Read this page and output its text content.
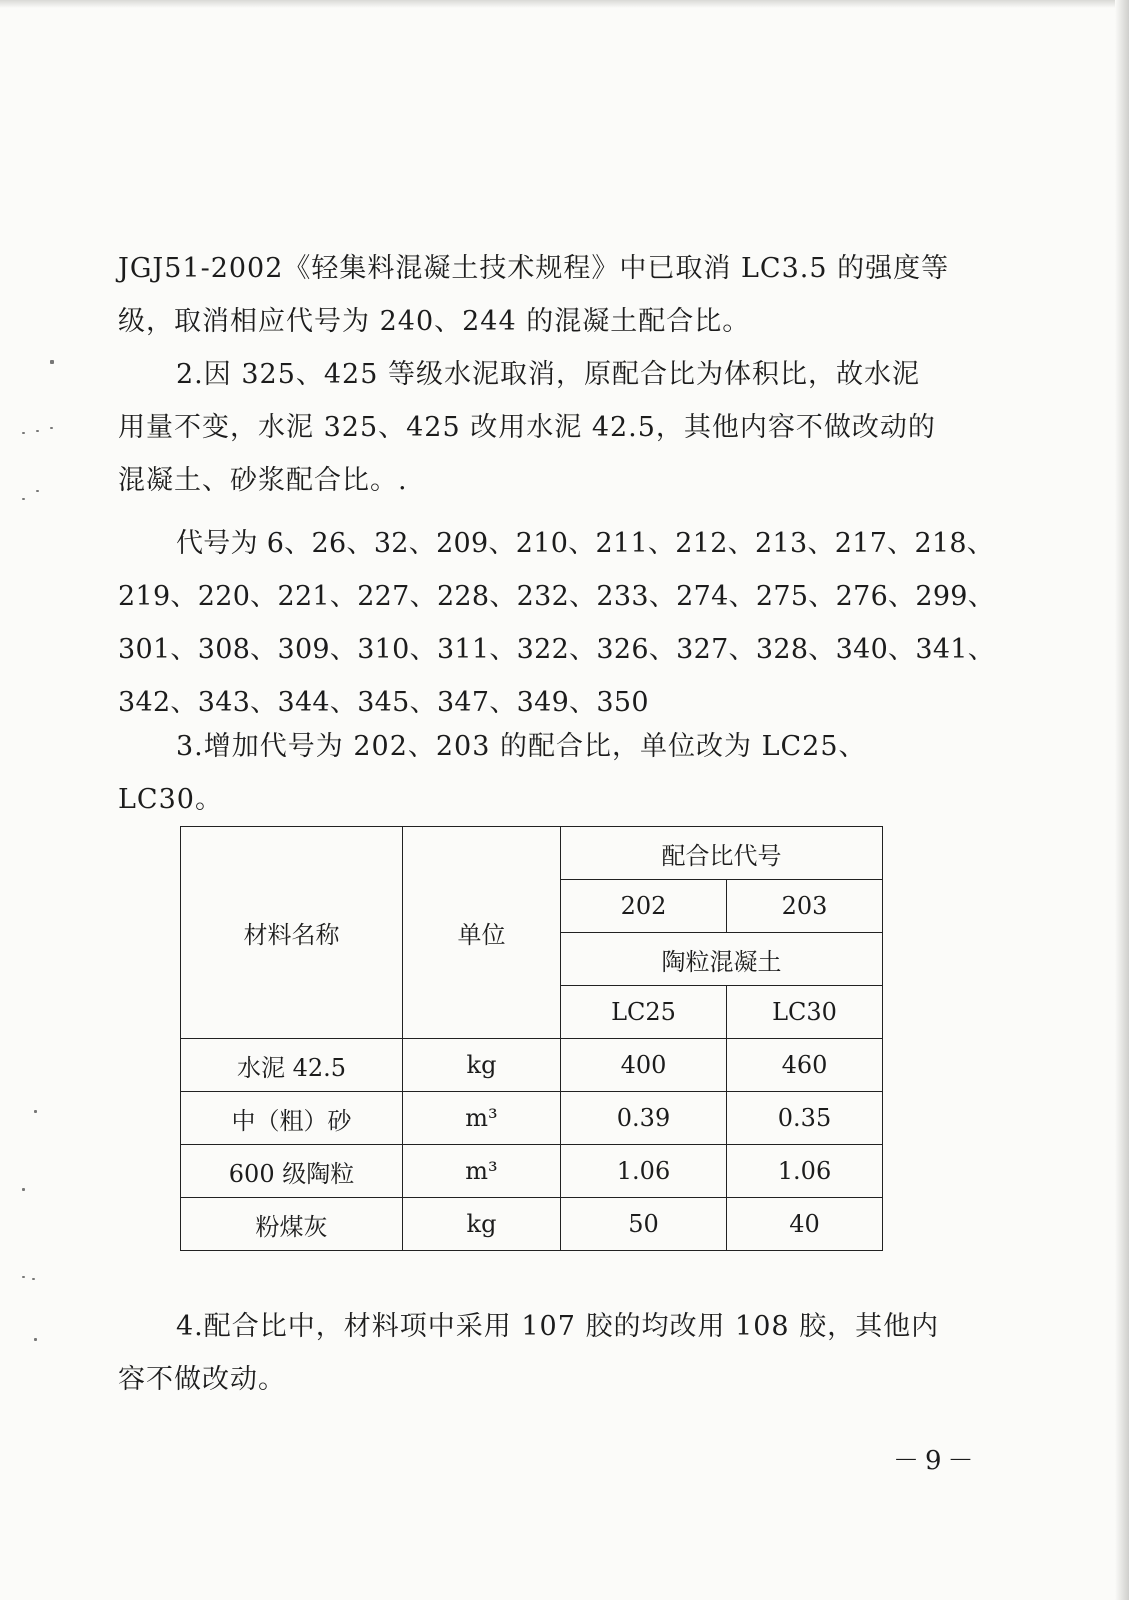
JGJ51-2002《轻集料混凝土技术规程》中已取消 LC3.5 的强度等

级，取消相应代号为 240、244 的混凝土配合比。

2.因 325、425 等级水泥取消，原配合比为体积比，故水泥

用量不变，水泥 325、425 改用水泥 42.5，其他内容不做改动的

混凝土、砂浆配合比。.

代号为 6、26、32、209、210、211、212、213、217、218、

219、220、221、227、228、232、233、274、275、276、299、

301、308、309、310、311、322、326、327、328、340、341、

342、343、344、345、347、349、350

3.增加代号为 202、203 的配合比，单位改为 LC25、LC30。

材料名称	单位	配合比代号	
		202	203
		陶粒混凝土	
		LC25	LC30
水泥 42.5	kg	400	460
中（粗）砂	m³	0.39	0.35
600 级陶粒	m³	1.06	1.06
粉煤灰	kg	50	40

4.配合比中，材料项中采用 107 胶的均改用 108 胶，其他内

容不做改动。

－9－
